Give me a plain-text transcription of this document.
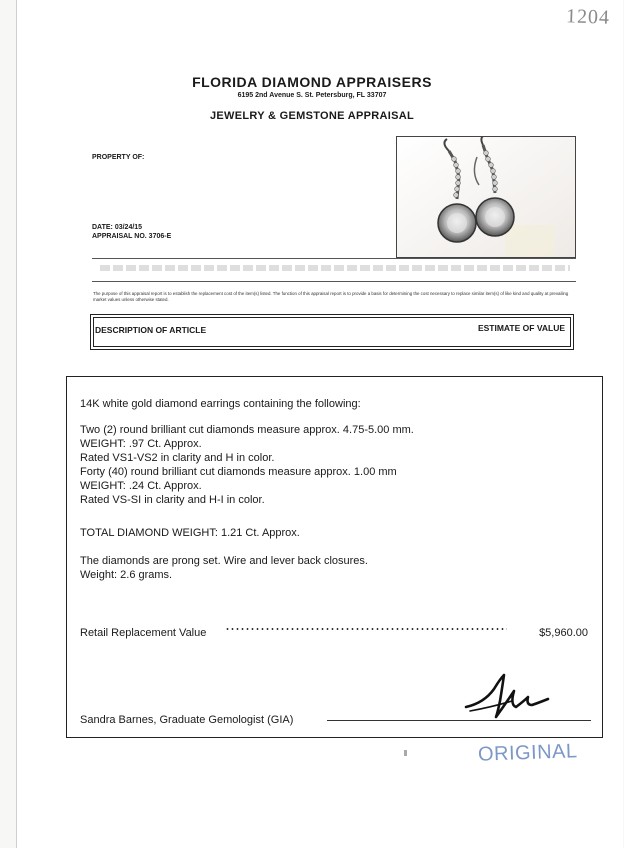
1204
FLORIDA DIAMOND APPRAISERS
6195 2nd Avenue S. St. Petersburg, FL 33707
JEWELRY & GEMSTONE APPRAISAL
PROPERTY OF:
DATE: 03/24/15
APPRAISAL NO. 3706-E
The purpose of this appraisal report is to establish the replacement cost of the item(s) listed. The function of this appraisal report is to provide a basis for determining the cost necessary to replace similar item(s) of like kind and quality at prevailing market values unless otherwise stated.
DESCRIPTION OF ARTICLE	ESTIMATE OF VALUE
14K white gold diamond earrings containing the following:
Two (2) round brilliant cut diamonds measure approx. 4.75-5.00 mm.
WEIGHT: .97 Ct. Approx.
Rated VS1-VS2 in clarity and H in color.
Forty (40) round brilliant cut diamonds measure approx. 1.00 mm
WEIGHT: .24 Ct. Approx.
Rated VS-SI in clarity and H-I in color.
TOTAL DIAMOND WEIGHT: 1.21 Ct. Approx.
The diamonds are prong set. Wire and lever back closures.
Weight: 2.6 grams.
Retail Replacement Value	$5,960.00
Sandra Barnes, Graduate Gemologist (GIA)
ORIGINAL
